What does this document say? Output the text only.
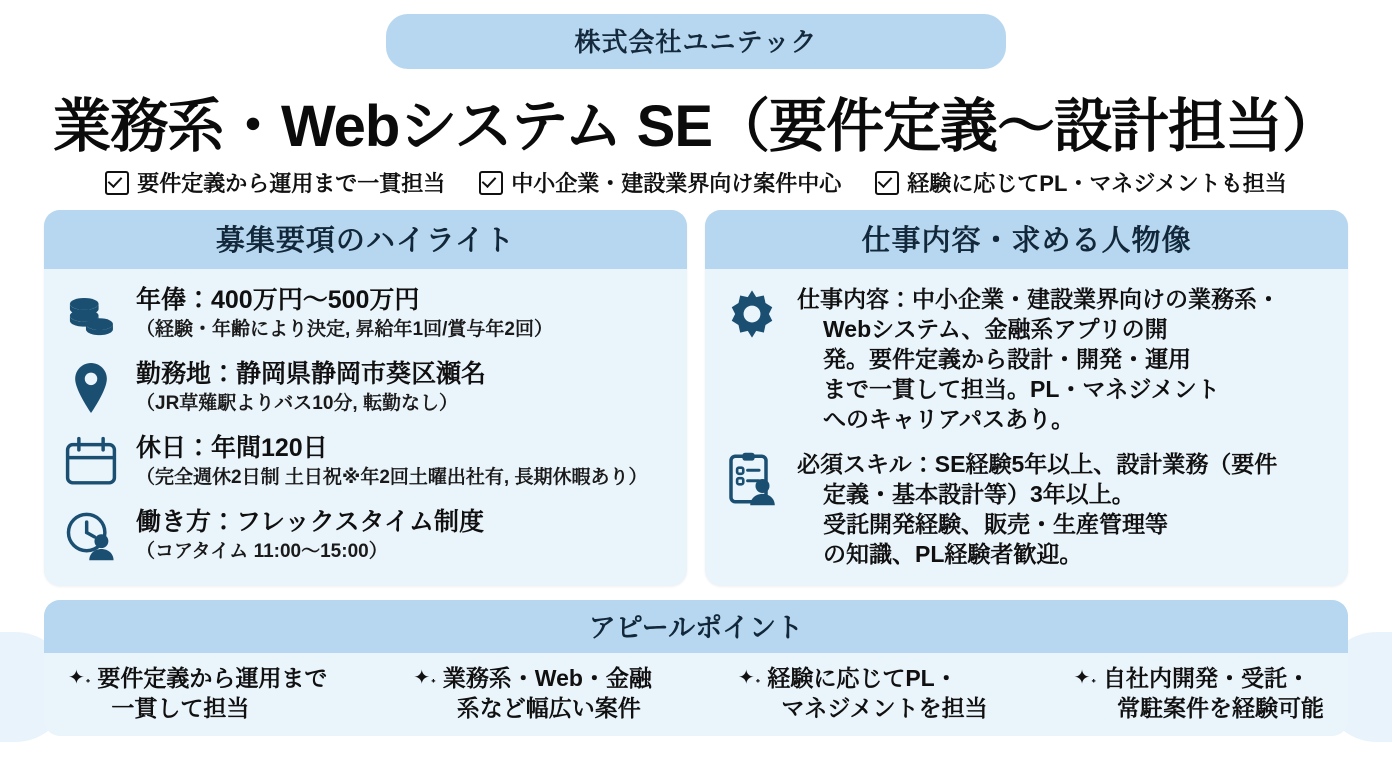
株式会社ユニテック
業務系・Webシステム SE（要件定義〜設計担当）
要件定義から運用まで一貫担当	中小企業・建設業界向け案件中心	経験に応じてPL・マネジメントも担当
募集要項のハイライト
年俸：400万円〜500万円
（経験・年齢により決定, 昇給年1回/賞与年2回）
勤務地：静岡県静岡市葵区瀬名
（JR草薙駅よりバス10分, 転勤なし）
休日：年間120日
（完全週休2日制 土日祝※年2回土曜出社有, 長期休暇あり）
働き方：フレックスタイム制度
（コアタイム 11:00〜15:00）
仕事内容・求める人物像
仕事内容：中小企業・建設業界向けの業務系・
Webシステム、金融系アプリの開
発。要件定義から設計・開発・運用
まで一貫して担当。PL・マネジメント
へのキャリアパスあり。
必須スキル：SE経験5年以上、設計業務（要件
定義・基本設計等）3年以上。
受託開発経験、販売・生産管理等
の知識、PL経験者歓迎。
アピールポイント
✦˖ 要件定義から運用まで
一貫して担当
✦˖ 業務系・Web・金融
系など幅広い案件
✦˖ 経験に応じてPL・
マネジメントを担当
✦˖ 自社内開発・受託・
常駐案件を経験可能
